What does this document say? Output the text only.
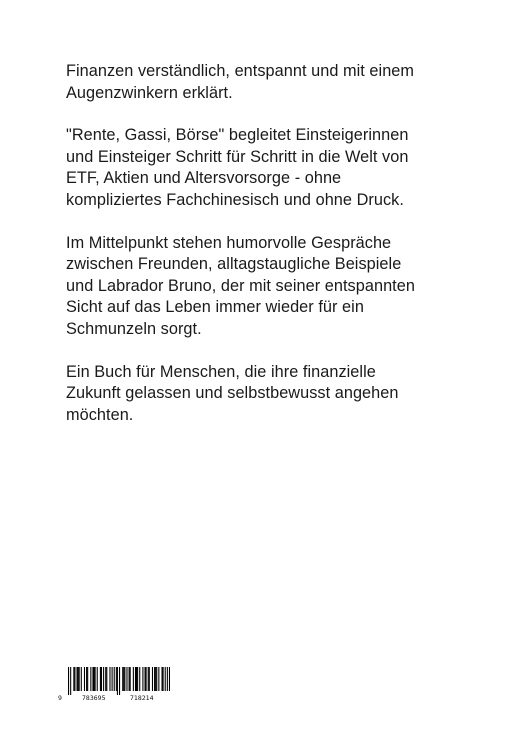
Finanzen verständlich, entspannt und mit einem
Augenzwinkern erklärt.

"Rente, Gassi, Börse" begleitet Einsteigerinnen
und Einsteiger Schritt für Schritt in die Welt von
ETF, Aktien und Altersvorsorge - ohne
kompliziertes Fachchinesisch und ohne Druck.

Im Mittelpunkt stehen humorvolle Gespräche
zwischen Freunden, alltagstaugliche Beispiele
und Labrador Bruno, der mit seiner entspannten
Sicht auf das Leben immer wieder für ein
Schmunzeln sorgt.

Ein Buch für Menschen, die ihre finanzielle
Zukunft gelassen und selbstbewusst angehen
möchten.

9	783695	718214
